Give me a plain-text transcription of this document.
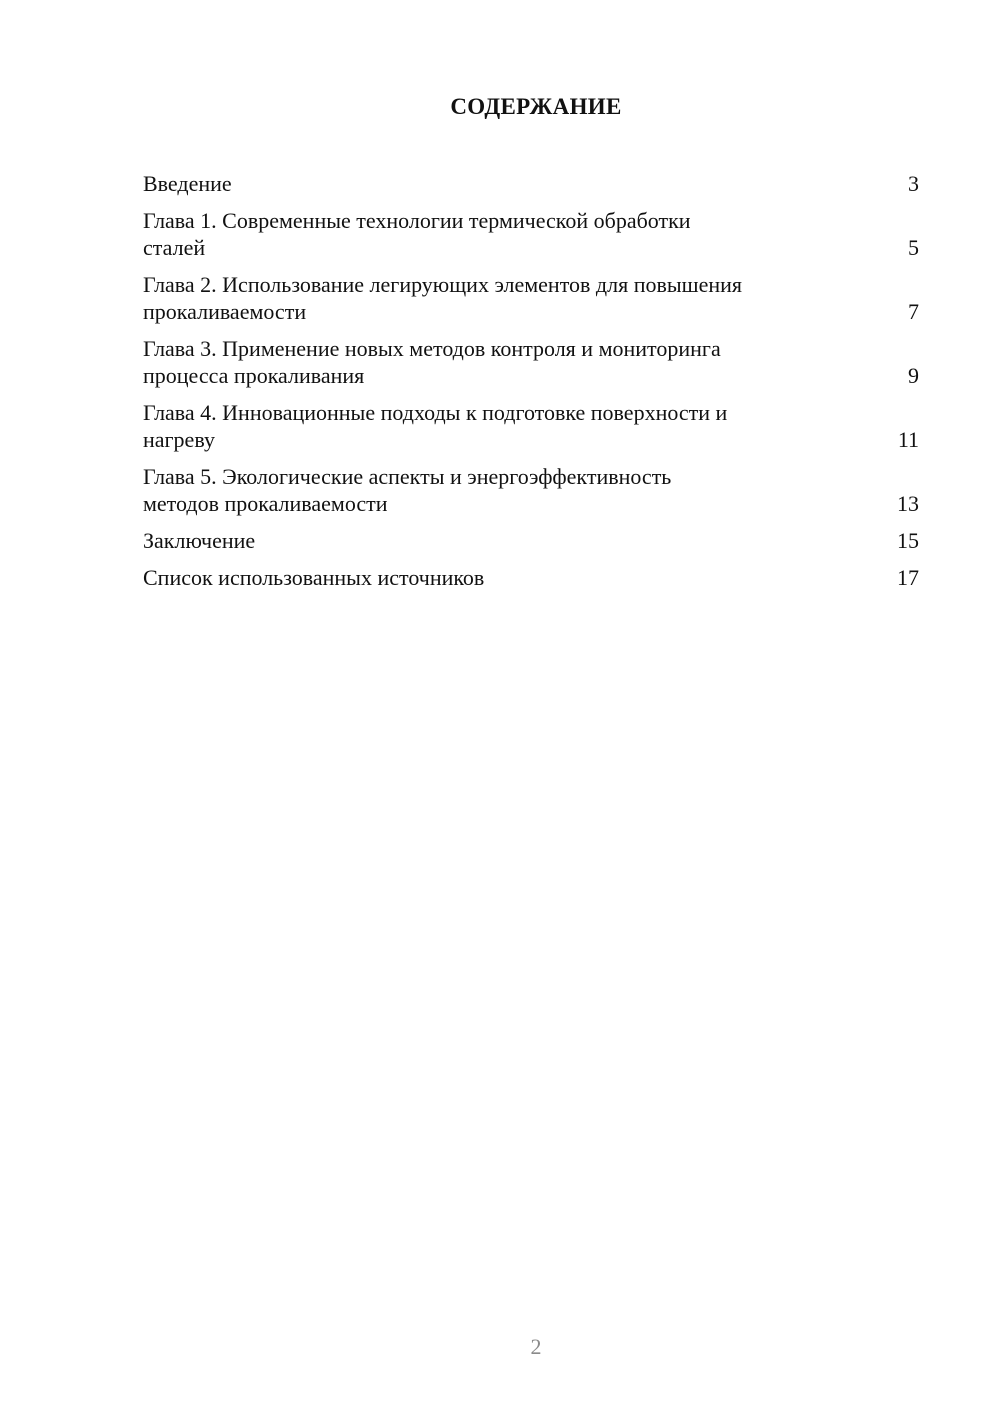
СОДЕРЖАНИЕ
Введение	3
Глава 1. Современные технологии термической обработки
сталей	5
Глава 2. Использование легирующих элементов для повышения
прокаливаемости	7
Глава 3. Применение новых методов контроля и мониторинга
процесса прокаливания	9
Глава 4. Инновационные подходы к подготовке поверхности и
нагреву	11
Глава 5. Экологические аспекты и энергоэффективность
методов прокаливаемости	13
Заключение	15
Список использованных источников	17
2
